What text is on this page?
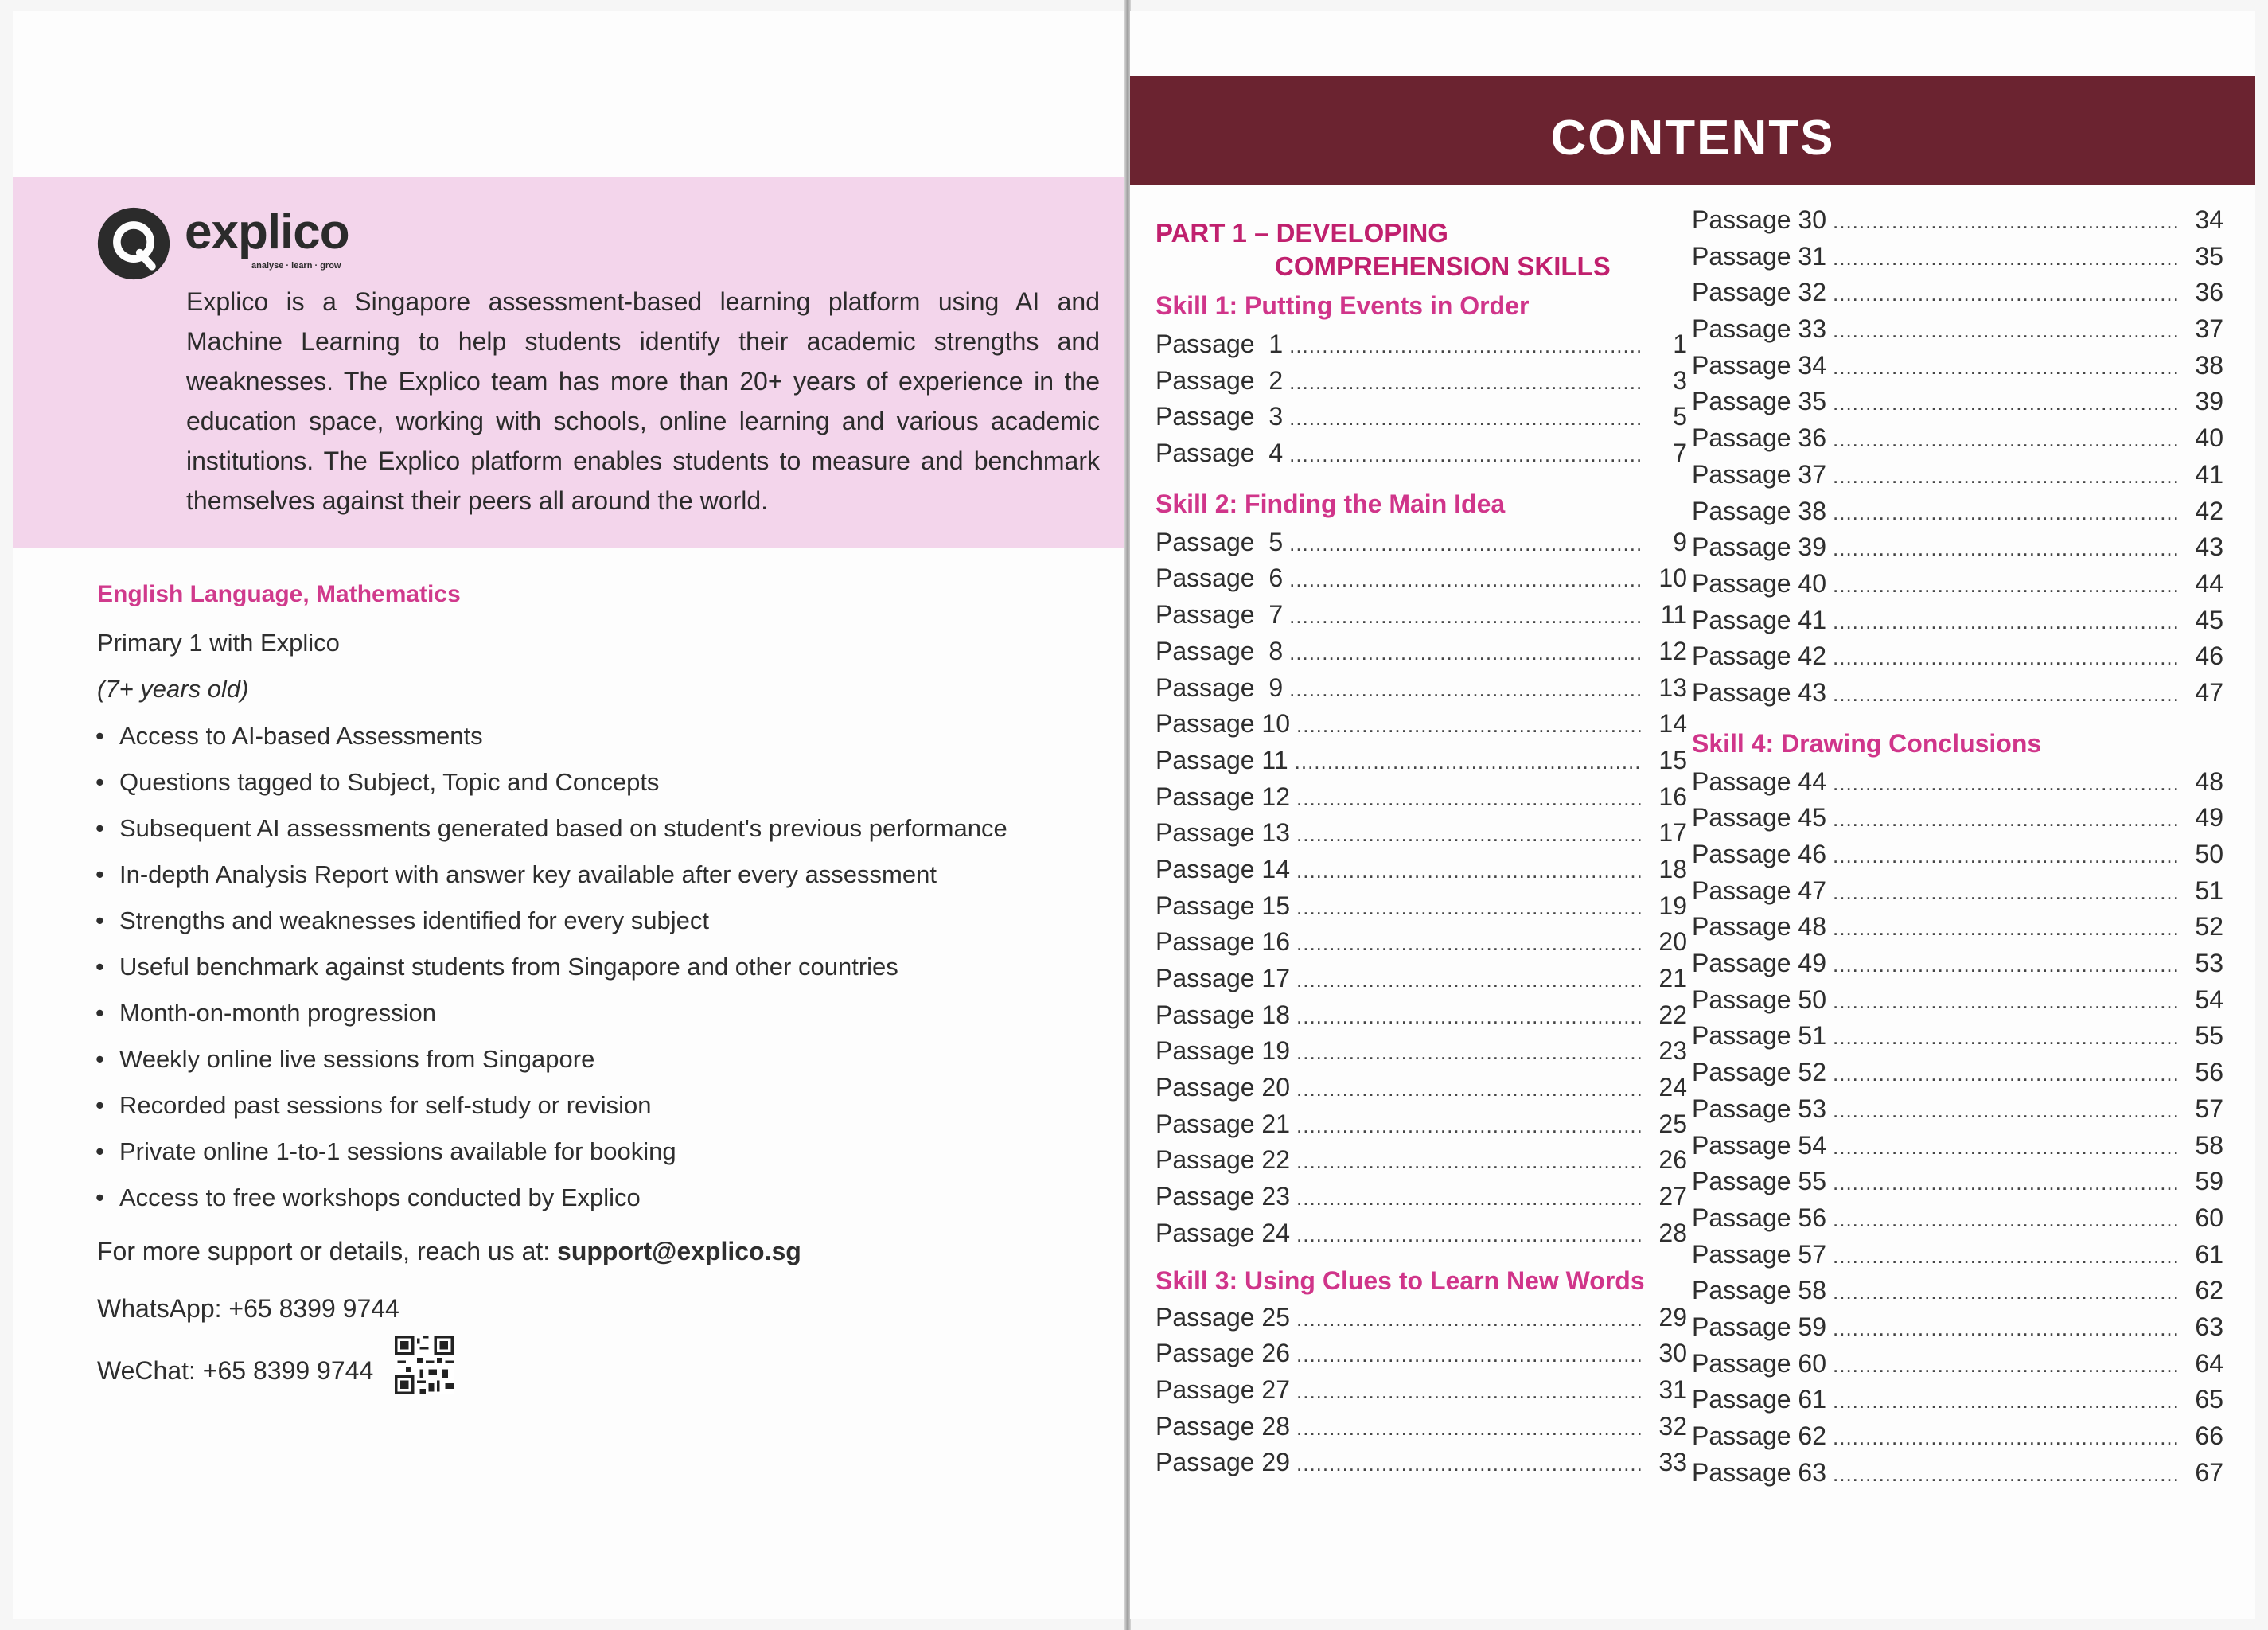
explico
analyse · learn · grow

Explico is a Singapore assessment-based learning platform using AI and Machine Learning to help students identify their academic strengths and weaknesses. The Explico team has more than 20+ years of experience in the education space, working with schools, online learning and various academic institutions. The Explico platform enables students to measure and benchmark themselves against their peers all around the world.

English Language, Mathematics
Primary 1 with Explico
(7+ years old)
• Access to AI-based Assessments
• Questions tagged to Subject, Topic and Concepts
• Subsequent AI assessments generated based on student's previous performance
• In-depth Analysis Report with answer key available after every assessment
• Strengths and weaknesses identified for every subject
• Useful benchmark against students from Singapore and other countries
• Month-on-month progression
• Weekly online live sessions from Singapore
• Recorded past sessions for self-study or revision
• Private online 1-to-1 sessions available for booking
• Access to free workshops conducted by Explico
For more support or details, reach us at: support@explico.sg
WhatsApp: +65 8399 9744
WeChat: +65 8399 9744
CONTENTS
PART 1 – DEVELOPING
COMPREHENSION SKILLS
Skill 1: Putting Events in Order
Passage  1 .....	1
Passage  2 .....	3
Passage  3 .....	5
Passage  4 .....	7
Skill 2: Finding the Main Idea
Passage  5 .....	9
Passage  6 .....	10
Passage  7 .....	11
Passage  8 .....	12
Passage  9 .....	13
Passage 10 .....	14
Passage 11 .....	15
Passage 12 .....	16
Passage 13 .....	17
Passage 14 .....	18
Passage 15 .....	19
Passage 16 .....	20
Passage 17 .....	21
Passage 18 .....	22
Passage 19 .....	23
Passage 20 .....	24
Passage 21 .....	25
Passage 22 .....	26
Passage 23 .....	27
Passage 24 .....	28
Skill 3: Using Clues to Learn New Words
Passage 25 .....	29
Passage 26 .....	30
Passage 27 .....	31
Passage 28 .....	32
Passage 29 .....	33
Passage 30 .....	34
Passage 31 .....	35
Passage 32 .....	36
Passage 33 .....	37
Passage 34 .....	38
Passage 35 .....	39
Passage 36 .....	40
Passage 37 .....	41
Passage 38 .....	42
Passage 39 .....	43
Passage 40 .....	44
Passage 41 .....	45
Passage 42 .....	46
Passage 43 .....	47
Skill 4: Drawing Conclusions
Passage 44 .....	48
Passage 45 .....	49
Passage 46 .....	50
Passage 47 .....	51
Passage 48 .....	52
Passage 49 .....	53
Passage 50 .....	54
Passage 51 .....	55
Passage 52 .....	56
Passage 53 .....	57
Passage 54 .....	58
Passage 55 .....	59
Passage 56 .....	60
Passage 57 .....	61
Passage 58 .....	62
Passage 59 .....	63
Passage 60 .....	64
Passage 61 .....	65
Passage 62 .....	66
Passage 63 .....	67
